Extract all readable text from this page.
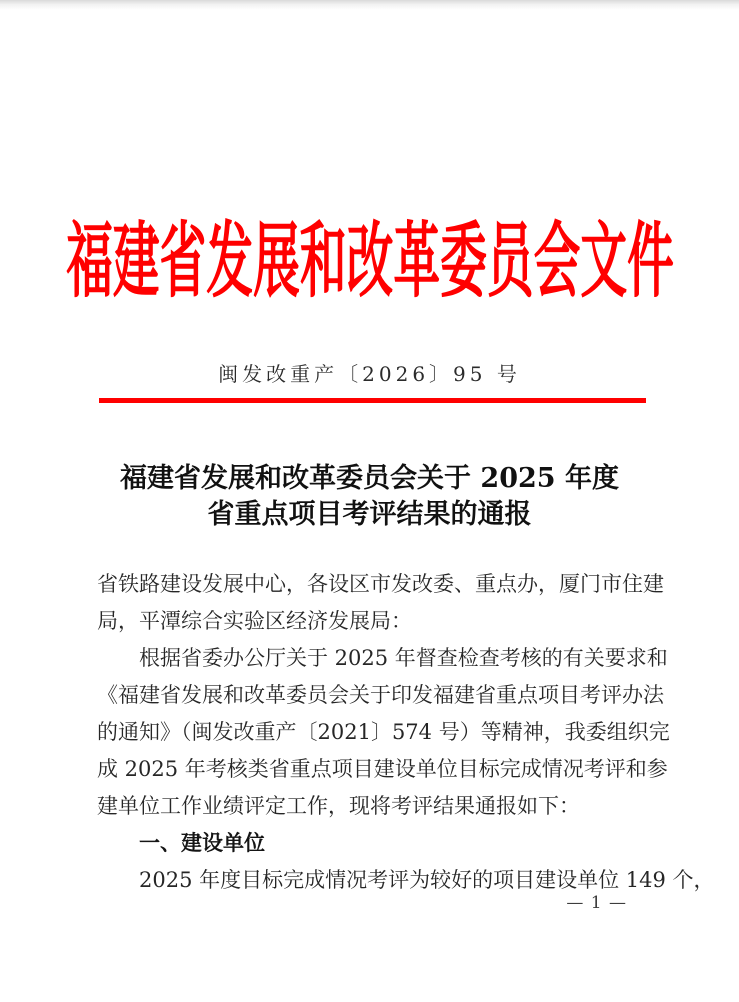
福建省发展和改革委员会文件
闽发改重产〔2026〕95 号
福建省发展和改革委员会关于 2025 年度
省重点项目考评结果的通报
省铁路建设发展中心，各设区市发改委、重点办，厦门市住建
局，平潭综合实验区经济发展局：
根据省委办公厅关于 2025 年督查检查考核的有关要求和
《福建省发展和改革委员会关于印发福建省重点项目考评办法
的通知》（闽发改重产〔2021〕574 号）等精神，我委组织完
成 2025 年考核类省重点项目建设单位目标完成情况考评和参
建单位工作业绩评定工作，现将考评结果通报如下：
一、建设单位
2025 年度目标完成情况考评为较好的项目建设单位 149 个，
— 1 —
